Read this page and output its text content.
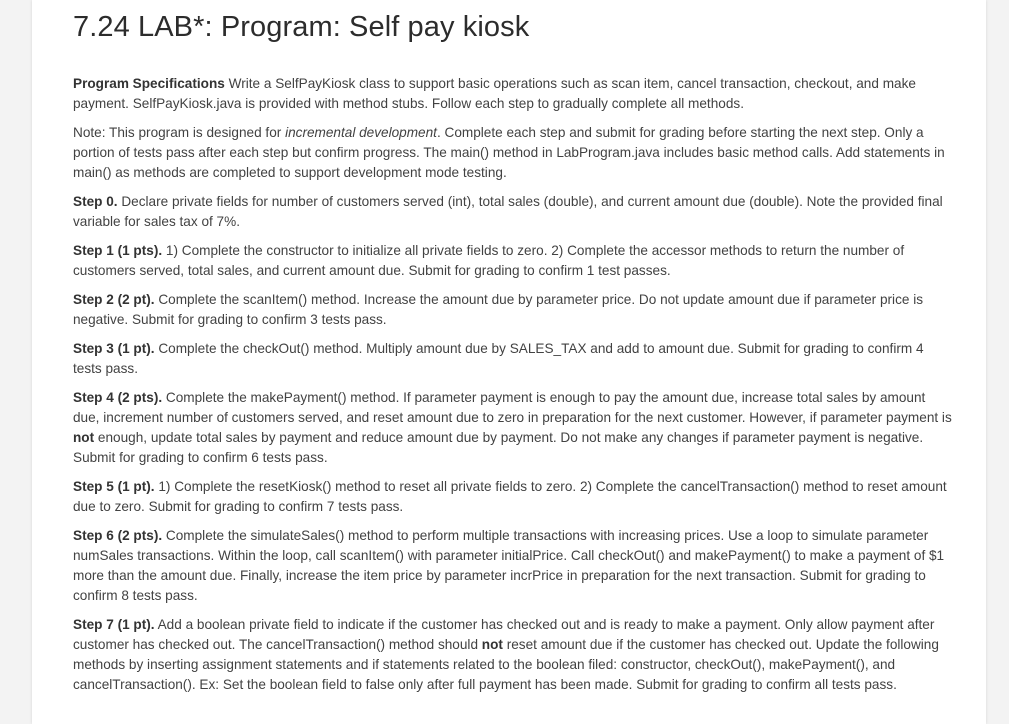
7.24 LAB*: Program: Self pay kiosk

Program Specifications Write a SelfPayKiosk class to support basic operations such as scan item, cancel transaction, checkout, and make payment. SelfPayKiosk.java is provided with method stubs. Follow each step to gradually complete all methods.

Note: This program is designed for incremental development. Complete each step and submit for grading before starting the next step. Only a portion of tests pass after each step but confirm progress. The main() method in LabProgram.java includes basic method calls. Add statements in main() as methods are completed to support development mode testing.

Step 0. Declare private fields for number of customers served (int), total sales (double), and current amount due (double). Note the provided final variable for sales tax of 7%.

Step 1 (1 pts). 1) Complete the constructor to initialize all private fields to zero. 2) Complete the accessor methods to return the number of customers served, total sales, and current amount due. Submit for grading to confirm 1 test passes.

Step 2 (2 pt). Complete the scanItem() method. Increase the amount due by parameter price. Do not update amount due if parameter price is negative. Submit for grading to confirm 3 tests pass.

Step 3 (1 pt). Complete the checkOut() method. Multiply amount due by SALES_TAX and add to amount due. Submit for grading to confirm 4 tests pass.

Step 4 (2 pts). Complete the makePayment() method. If parameter payment is enough to pay the amount due, increase total sales by amount due, increment number of customers served, and reset amount due to zero in preparation for the next customer. However, if parameter payment is not enough, update total sales by payment and reduce amount due by payment. Do not make any changes if parameter payment is negative. Submit for grading to confirm 6 tests pass.

Step 5 (1 pt). 1) Complete the resetKiosk() method to reset all private fields to zero. 2) Complete the cancelTransaction() method to reset amount due to zero. Submit for grading to confirm 7 tests pass.

Step 6 (2 pts). Complete the simulateSales() method to perform multiple transactions with increasing prices. Use a loop to simulate parameter numSales transactions. Within the loop, call scanItem() with parameter initialPrice. Call checkOut() and makePayment() to make a payment of $1 more than the amount due. Finally, increase the item price by parameter incrPrice in preparation for the next transaction. Submit for grading to confirm 8 tests pass.

Step 7 (1 pt). Add a boolean private field to indicate if the customer has checked out and is ready to make a payment. Only allow payment after customer has checked out. The cancelTransaction() method should not reset amount due if the customer has checked out. Update the following methods by inserting assignment statements and if statements related to the boolean filed: constructor, checkOut(), makePayment(), and cancelTransaction(). Ex: Set the boolean field to false only after full payment has been made. Submit for grading to confirm all tests pass.
